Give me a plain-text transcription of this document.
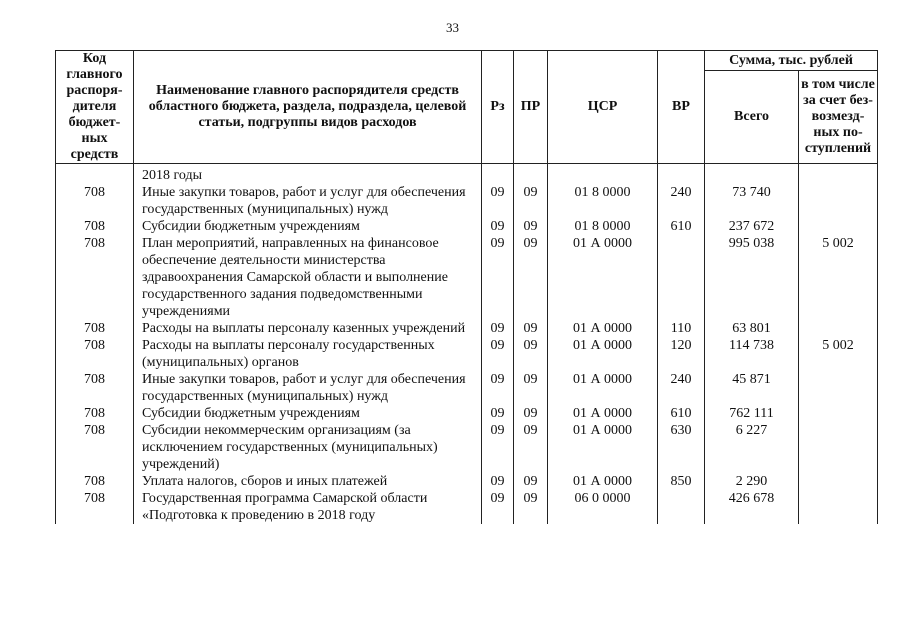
33
Код главного распоря-дителя бюджет-ных средств	Наименование главного распорядителя средств областного бюджета, раздела, подраздела, целевой статьи, подгруппы видов расходов	Рз	ПР	ЦСР	ВР	Сумма, тыс. рублей	
						Всего	в том числе за счет без-возмезд-ных по-ступлений
	2018 годы						
708	Иные закупки товаров, работ и услуг для обеспечения государственных (муниципальных) нужд	09	09	01 8 0000	240	73 740	
708	Субсидии бюджетным учреждениям	09	09	01 8 0000	610	237 672	
708	План мероприятий, направленных на финансовое обеспечение деятельности министерства здравоохранения Самарской области и выполнение государственного задания подведомственными учреждениями	09	09	01 А 0000		995 038	5 002
708	Расходы на выплаты персоналу казенных учреждений	09	09	01 А 0000	110	63 801	
708	Расходы на выплаты персоналу государственных (муниципальных) органов	09	09	01 А 0000	120	114 738	5 002
708	Иные закупки товаров, работ и услуг для обеспечения государственных (муниципальных) нужд	09	09	01 А 0000	240	45 871	
708	Субсидии бюджетным учреждениям	09	09	01 А 0000	610	762 111	
708	Субсидии некоммерческим организациям (за исключением государственных (муниципальных) учреждений)	09	09	01 А 0000	630	6 227	
708	Уплата налогов, сборов и иных платежей	09	09	01 А 0000	850	2 290	
708	Государственная программа Самарской области «Подготовка к проведению в 2018 году	09	09	06 0 0000		426 678	
